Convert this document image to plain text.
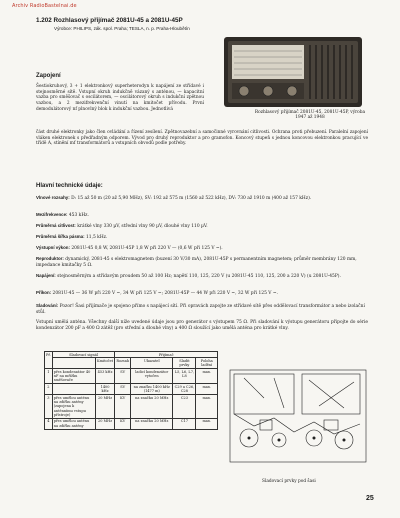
Archiv RadioBastelnai.de
1.202 Rozhlasový přijímač 2081U-45 a 2081U-45P
Výrobce: PHILIPS, zák. spol. Praha; TESLA, n. p. Praha-Hloubětín
Rozhlasový přijímač 2081U-45, 2081U-45P, výroba 1947 až 1948
Zapojení
Šestiokruhový, 3 + 1 elektronkový superheterodyn k napájení ze střídavé i stejnosměrné sítě. Vstupní okruh indukčně vázaný s anténou, — kapacitní vazba pro směšovač s oscilátorem, — oscilátorový okruh s indukční zpětnou vazbou, a 2 mezifrekvenční vinutí na kmitočet přívodu. První demodulátorový nf plnovlný blok k indukční vazbou. Jednotlivá
část druhé elektronky jako člen ovládání a řízení zesílení. Zpětnovazební a samočinné vyrovnání citlivosti. Ochrana proti přebuzení. Paralelní zapojení vláken elektronek s předřadným odporem. Vývod pro druhý reproduktor a pro gramofon. Koncový stupeň s jednou koncovou elektronkou pracující ve třídě A, stínění mf transformátorů a vstupních obvodů podle potřeby.
Hlavní technické údaje:
Vlnové rozsahy: D: 15 až 50 m (20 až 5,90 MHz), SV: 192 až 575 m (1560 až 522 kHz), DV: 730 až 1910 m (400 až 157 kHz).
Mezifrekvence: 453 kHz.
Průměrná citlivost: krátké vlny 330 µV, střední vlny 90 µV, dlouhé vlny 110 µV.
Průměrná šířka pásma: 11,5 kHz.
Výstupní výkon: 2081U-45 0,8 W, 2081U-45P 1,8 W při 220 V — (0,6 W při 125 V ~).
Reproduktor: dynamický, 2081-45 s elektromagnetem (buzení 30 V/30 mA), 2081U-45P s permanentním magnetem; průměr membrány 120 mm, impedance kmitačky 5 Ω.
Napájení: stejnosměrným a střídavým proudem 50 až 100 Hz; napětí 110, 125, 220 V (u 2081U-45 110, 125, 200 a 220 V) (u 2081U-45P).
Příkon: 2081U-45 — 36 W při 220 V ~, 34 W při 125 V ~; 2081U-45P — 44 W při 220 V ~, 32 W při 125 V ~.
Sladování: Pozor! Šasi přijímače je spojeno přímo s napájecí sítí. Při opravách zapojte ze střídavé sítě přes oddělovací transformátor a nebo izolační stůl.
Vstupní umělá anténa. Všechny další níže uvedené údaje jsou pro generátor s výstupem 75 Ω. Při sladování k výstupu generátoru připojte do série kondenzátor 200 pF a 400 Ω zátěž (pro střední a dlouhé vlny) a 400 Ω sloužící jako umělá anténa pro krátké vlny.
Př.	Sladovací signál		Přijímač			
		Kmitočet	Rozsah	Ukazatel	Sladit prvky	Poloha ladění
1	přes kondenzátor 40 nF na mřížku směšovače	453 kHz	SV	ladicí kondenzátor vytočen	L5, L6, L7, L8	max.
2		1400 kHz	SV	na značku 1400 kHz (1477 m)	C29 a C26, C28	max.
3	přes umělou anténu na zdířku antény (zapojena k anténnímu vstupu přístroje)	20 MHz	KV	na značku 20 MHz	C23	max.
4	přes umělou anténu na zdířku antény	20 MHz	KV	na značku 20 MHz	C17	max.
Sladovací prvky pod šasi
25
